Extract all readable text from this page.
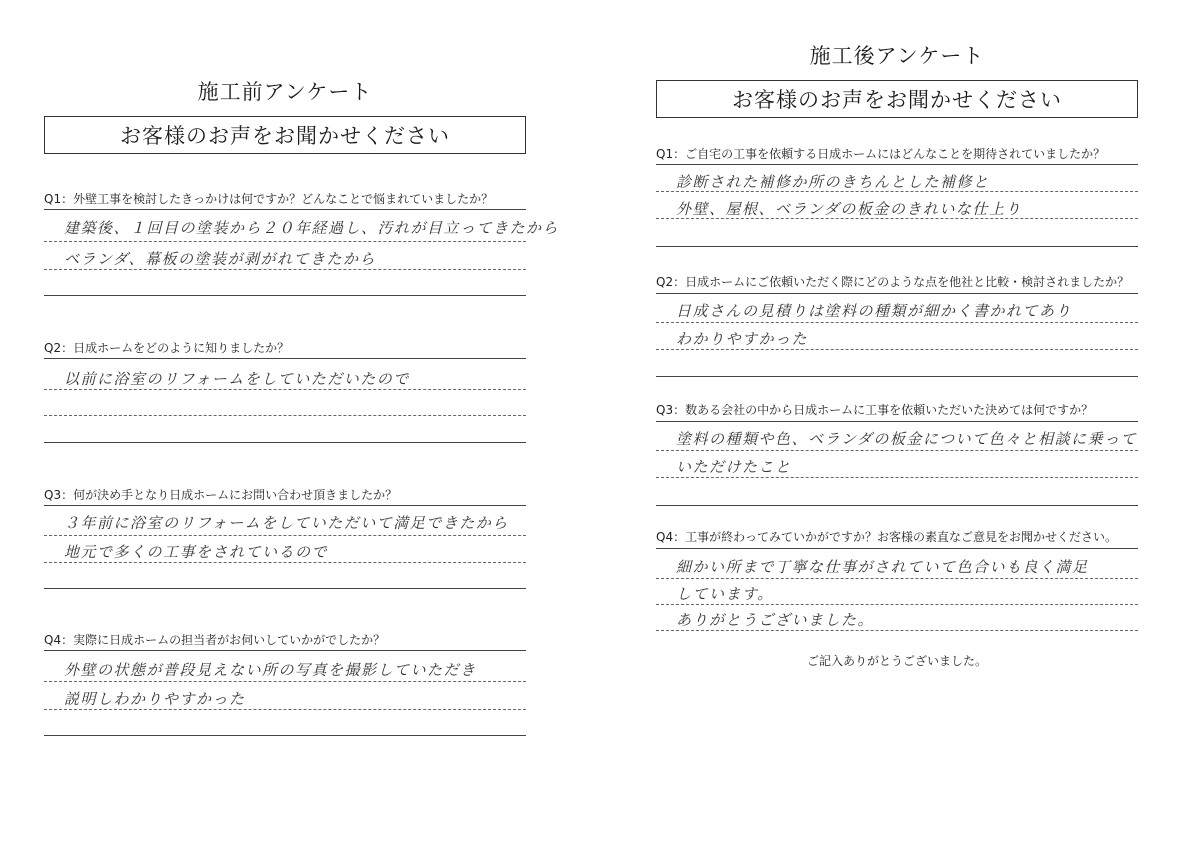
施工前アンケート
お客様のお声をお聞かせください
Q1：外壁工事を検討したきっかけは何ですか？どんなことで悩まれていましたか？
建築後、１回目の塗装から２０年経過し、汚れが目立ってきたから
ベランダ、幕板の塗装が剥がれてきたから
Q2：日成ホームをどのように知りましたか？
以前に浴室のリフォームをしていただいたので
Q3：何が決め手となり日成ホームにお問い合わせ頂きましたか？
３年前に浴室のリフォームをしていただいて満足できたから
地元で多くの工事をされているので
Q4：実際に日成ホームの担当者がお伺いしていかがでしたか？
外壁の状態が普段見えない所の写真を撮影していただき
説明しわかりやすかった
施工後アンケート
お客様のお声をお聞かせください
Q1：ご自宅の工事を依頼する日成ホームにはどんなことを期待されていましたか？
診断された補修か所のきちんとした補修と
外壁、屋根、ベランダの板金のきれいな仕上り
Q2：日成ホームにご依頼いただく際にどのような点を他社と比較・検討されましたか？
日成さんの見積りは塗料の種類が細かく書かれてあり
わかりやすかった
Q3：数ある会社の中から日成ホームに工事を依頼いただいた決めては何ですか？
塗料の種類や色、ベランダの板金について色々と相談に乗って
いただけたこと
Q4：工事が終わってみていかがですか？お客様の素直なご意見をお聞かせください。
細かい所まで丁寧な仕事がされていて色合いも良く満足
しています。
ありがとうございました。
ご記入ありがとうございました。
